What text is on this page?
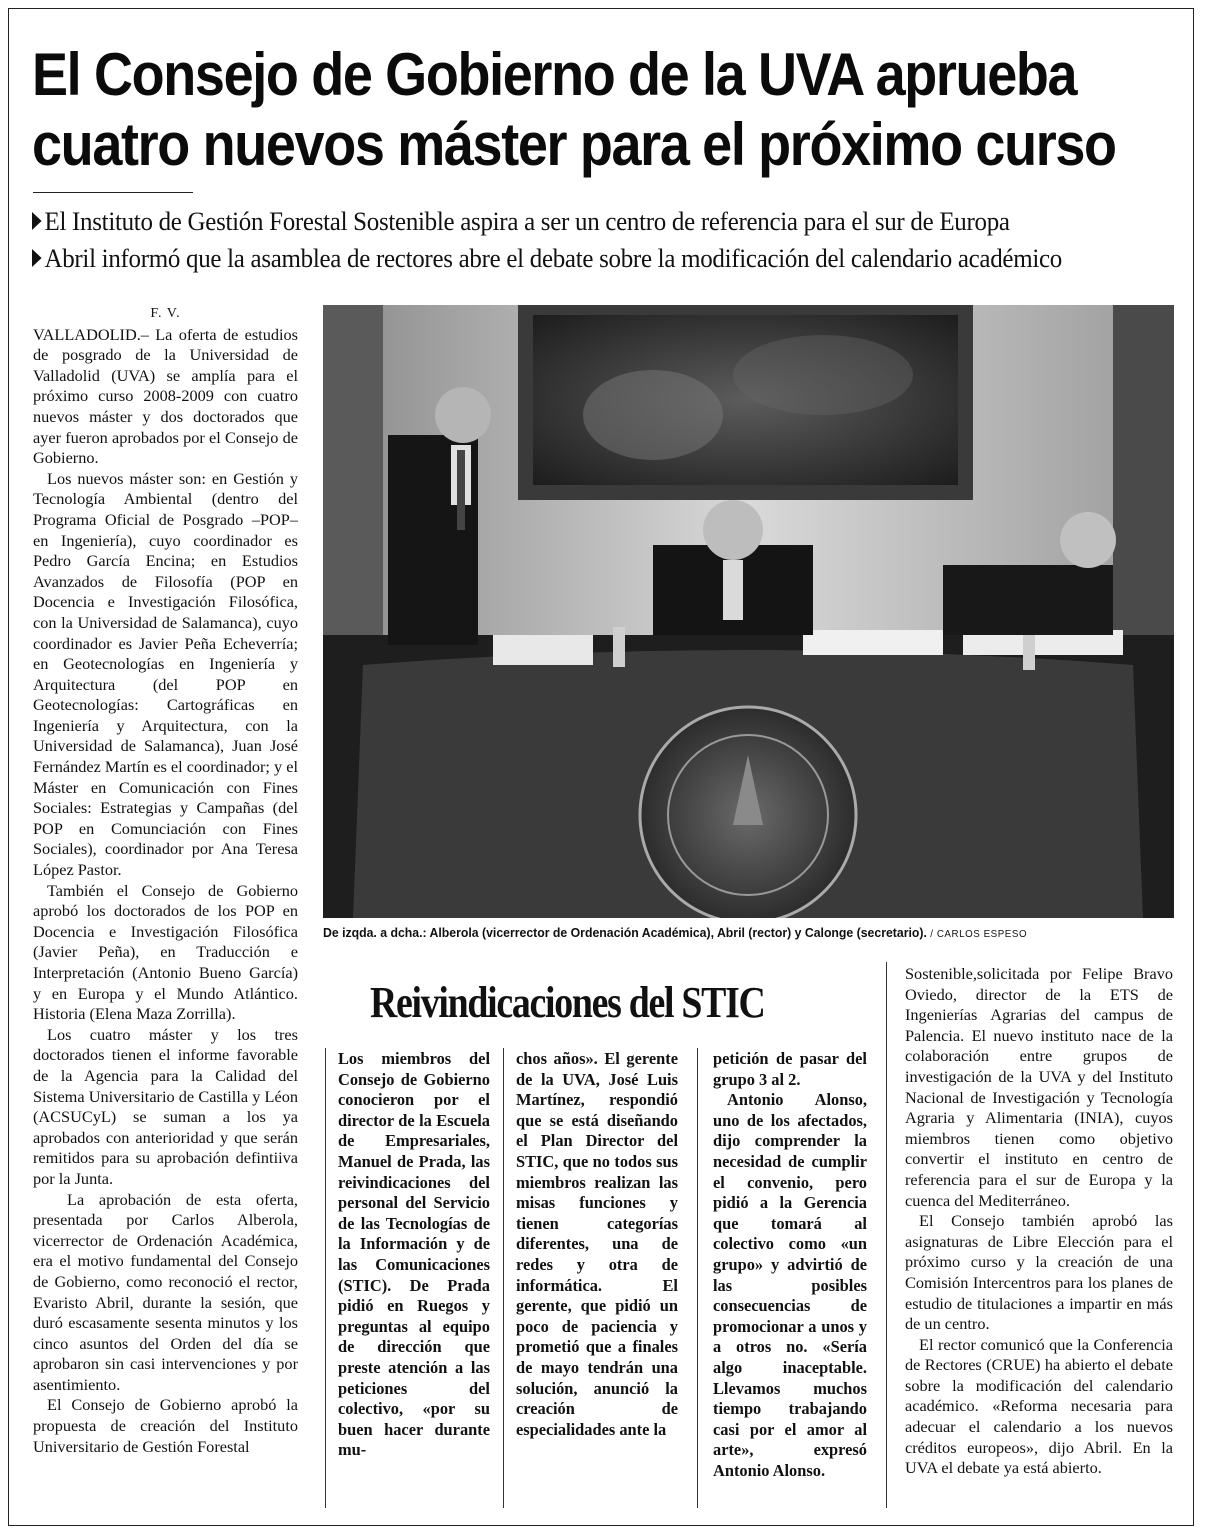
El Consejo de Gobierno de la UVA aprueba
cuatro nuevos máster para el próximo curso
El Instituto de Gestión Forestal Sostenible aspira a ser un centro de referencia para el sur de Europa
Abril informó que la asamblea de rectores abre el debate sobre la modificación del calendario académico

F. V.

VALLADOLID.– La oferta de estudios de posgrado de la Universidad de Valladolid (UVA) se amplía para el próximo curso 2008-2009 con cuatro nuevos máster y dos doctorados que ayer fueron aprobados por el Consejo de Gobierno.

Los nuevos máster son: en Gestión y Tecnología Ambiental (dentro del Programa Oficial de Posgrado –POP– en Ingeniería), cuyo coordinador es Pedro García Encina; en Estudios Avanzados de Filosofía (POP en Docencia e Investigación Filosófica, con la Universidad de Salamanca), cuyo coordinador es Javier Peña Echeverría; en Geotecnologías en Ingeniería y Arquitectura (del POP en Geotecnologías: Cartográficas en Ingeniería y Arquitectura, con la Universidad de Salamanca), Juan José Fernández Martín es el coordinador; y el Máster en Comunicación con Fines Sociales: Estrategias y Campañas (del POP en Comunciación con Fines Sociales), coordinador por Ana Teresa López Pastor.

También el Consejo de Gobierno aprobó los doctorados de los POP en Docencia e Investigación Filosófica (Javier Peña), en Traducción e Interpretación (Antonio Bueno García) y en Europa y el Mundo Atlántico. Historia (Elena Maza Zorrilla).

Los cuatro máster y los tres doctorados tienen el informe favorable de la Agencia para la Calidad del Sistema Universitario de Castilla y Léon (ACSUCyL) se suman a los ya aprobados con anterioridad y que serán remitidos para su aprobación defintiiva por la Junta.

La aprobación de esta oferta, presentada por Carlos Alberola, vicerrector de Ordenación Académica, era el motivo fundamental del Consejo de Gobierno, como reconoció el rector, Evaristo Abril, durante la sesión, que duró escasamente sesenta minutos y los cinco asuntos del Orden del día se aprobaron sin casi intervenciones y por asentimiento.

El Consejo de Gobierno aprobó la propuesta de creación del Instituto Universitario de Gestión Forestal

De izqda. a dcha.: Alberola (vicerrector de Ordenación Académica), Abril (rector) y Calonge (secretario). / CARLOS ESPESO
Reivindicaciones del STIC

Los miembros del Consejo de Gobierno conocieron por el director de la Escuela de Empresariales, Manuel de Prada, las reivindicaciones del personal del Servicio de las Tecnologías de la Información y de las Comunicaciones (STIC). De Prada pidió en Ruegos y preguntas al equipo de dirección que preste atención a las peticiones del colectivo, «por su buen hacer durante mu-

chos años». El gerente de la UVA, José Luis Martínez, respondió que se está diseñando el Plan Director del STIC, que no todos sus miembros realizan las misas funciones y tienen categorías diferentes, una de redes y otra de informática. El gerente, que pidió un poco de paciencia y prometió que a finales de mayo tendrán una solución, anunció la creación de especialidades ante la

petición de pasar del grupo 3 al 2.

Antonio Alonso, uno de los afectados, dijo comprender la necesidad de cumplir el convenio, pero pidió a la Gerencia que tomará al colectivo como «un grupo» y advirtió de las posibles consecuencias de promocionar a unos y a otros no. «Sería algo inaceptable. Llevamos muchos tiempo trabajando casi por el amor al arte», expresó Antonio Alonso.

Sostenible,solicitada por Felipe Bravo Oviedo, director de la ETS de Ingenierías Agrarias del campus de Palencia. El nuevo instituto nace de la colaboración entre grupos de investigación de la UVA y del Instituto Nacional de Investigación y Tecnología Agraria y Alimentaria (INIA), cuyos miembros tienen como objetivo convertir el instituto en centro de referencia para el sur de Europa y la cuenca del Mediterráneo.

El Consejo también aprobó las asignaturas de Libre Elección para el próximo curso y la creación de una Comisión Intercentros para los planes de estudio de titulaciones a impartir en más de un centro.

El rector comunicó que la Conferencia de Rectores (CRUE) ha abierto el debate sobre la modificación del calendario académico. «Reforma necesaria para adecuar el calendario a los nuevos créditos europeos», dijo Abril. En la UVA el debate ya está abierto.
